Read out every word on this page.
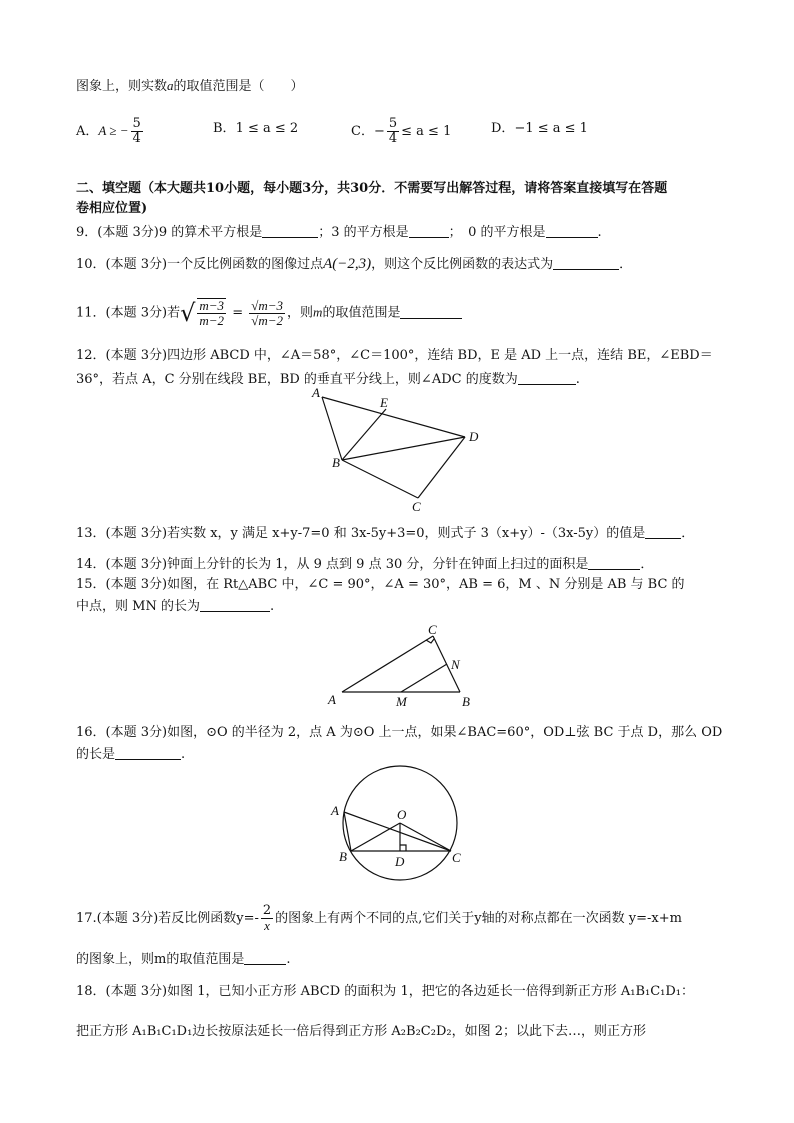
图象上，则实数a的取值范围是（　　）
A．A ≥ − $\frac{5}{4}$	B．1 ≤ a ≤ 2	C．− $\frac{5}{4} \le a \le 1$	D．−1 ≤ a ≤ 1
二、填空题（本大题共10小题，每小题3分，共30分．不需要写出解答过程，请将答案直接填写在答题
卷相应位置)
9．(本题 3分)9 的算术平方根是	；3 的平方根是	；　0 的平方根是	.
10．(本题 3分)一个反比例函数的图像过点A(−2,3)，则这个反比例函数的表达式为	．
11．(本题 3分)若√ $\frac{m-3}{m-2} = \frac{√m-3}{√m-2}$ ，则m的取值范围是
12．(本题 3分)四边形 ABCD 中，∠A＝58°，∠C＝100°，连结 BD，E 是 AD 上一点，连结 BE，∠EBD＝
36°，若点 A，C 分别在线段 BE，BD 的垂直平分线上，则∠ADC 的度数为	.
A
E
D
B
C
13．(本题 3分)若实数 x，y 满足 x+y-7=0 和 3x-5y+3=0，则式子 3（x+y）-（3x-5y）的值是	．
14．(本题 3分)钟面上分针的长为 1，从 9 点到 9 点 30 分，分针在钟面上扫过的面积是	．
15．(本题 3分)如图，在 Rt△ABC 中，∠C = 90°，∠A = 30°，AB = 6，M 、N 分别是 AB 与 BC 的
中点，则 MN 的长为	.
C
N
A	M	B
16．(本题 3分)如图，⊙O 的半径为 2，点 A 为⊙O 上一点，如果∠BAC=60°，OD⊥弦 BC 于点 D，那么 OD
的长是	.
A	O
B	D	C
17.(本题 3分)若反比例函数$y=- \frac{2}{x}$ 的图象上有两个不同的点,它们关于y轴的对称点都在一次函数 y=-x+m
的图象上，则m的取值范围是	.
18．(本题 3分)如图 1，已知小正方形 ABCD 的面积为 1，把它的各边延长一倍得到新正方形 A₁B₁C₁D₁：
把正方形 A₁B₁C₁D₁边长按原法延长一倍后得到正方形 A₂B₂C₂D₂，如图 2；以此下去…，则正方形
